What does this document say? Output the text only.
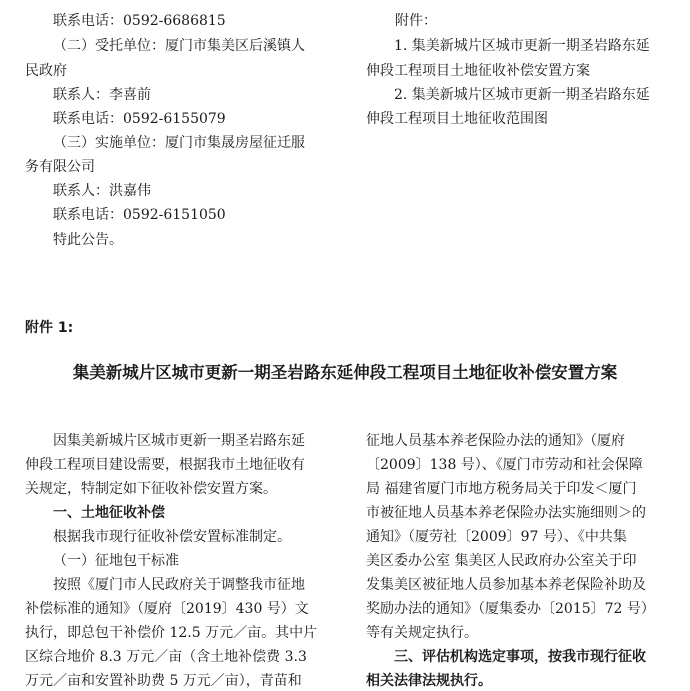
联系电话：0592-6686815
（二）受托单位：厦门市集美区后溪镇人
民政府
联系人：李喜前
联系电话：0592-6155079
（三）实施单位：厦门市集晟房屋征迁服
务有限公司
联系人：洪嘉伟
联系电话：0592-6151050
特此公告。
附件：
1. 集美新城片区城市更新一期圣岩路东延
伸段工程项目土地征收补偿安置方案
2. 集美新城片区城市更新一期圣岩路东延
伸段工程项目土地征收范围图
附件 1:
集美新城片区城市更新一期圣岩路东延伸段工程项目土地征收补偿安置方案
因集美新城片区城市更新一期圣岩路东延
伸段工程项目建设需要，根据我市土地征收有
关规定，特制定如下征收补偿安置方案。
一、土地征收补偿
根据我市现行征收补偿安置标准制定。
（一）征地包干标准
按照《厦门市人民政府关于调整我市征地
补偿标准的通知》（厦府〔2019〕430 号）文
执行，即总包干补偿价 12.5 万元／亩。其中片
区综合地价 8.3 万元／亩（含土地补偿费 3.3
万元／亩和安置补助费 5 万元／亩），青苗和
征地人员基本养老保险办法的通知》（厦府
〔2009〕138 号）、《厦门市劳动和社会保障
局 福建省厦门市地方税务局关于印发＜厦门
市被征地人员基本养老保险办法实施细则＞的
通知》（厦劳社〔2009〕97 号）、《中共集
美区委办公室 集美区人民政府办公室关于印
发集美区被征地人员参加基本养老保险补助及
奖励办法的通知》（厦集委办〔2015〕72 号）
等有关规定执行。
三、评估机构选定事项，按我市现行征收
相关法律法规执行。
